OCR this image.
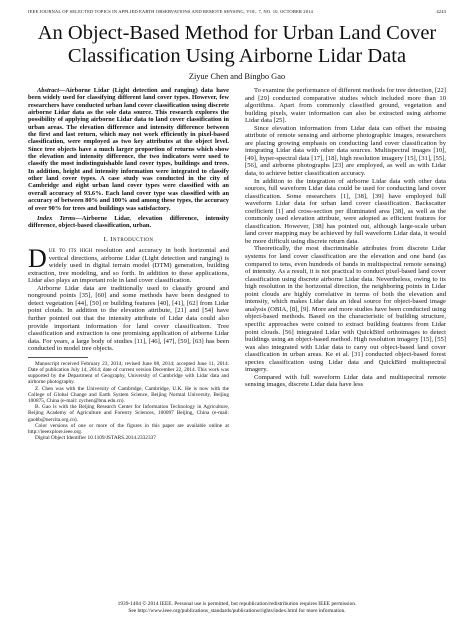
IEEE JOURNAL OF SELECTED TOPICS IN APPLIED EARTH OBSERVATIONS AND REMOTE SENSING, VOL. 7, NO. 10, OCTOBER 2014	4243
An Object-Based Method for Urban Land Cover Classification Using Airborne Lidar Data
Ziyue Chen and Bingbo Gao

Abstract—Airborne Lidar (Light detection and ranging) data have been widely used for classifying different land cover types. However, few researchers have conducted urban land cover classification using discrete airborne Lidar data as the sole data source. This research explores the possibility of applying airborne Lidar data to land cover classification in urban areas. The elevation difference and intensity difference between the first and last return, which may not work efficiently in pixel-based classification, were employed as two key attributes at the object level. Since tree objects have a much larger proportion of returns which show the elevation and intensity difference, the two indicators were used to classify the most indistinguishable land cover types, buildings and trees. In addition, height and intensity information were integrated to classify other land cover types. A case study was conducted in the city of Cambridge and eight urban land cover types were classified with an overall accuracy of 93.6%. Each land cover type was classified with an accuracy of between 80% and 100% and among these types, the accuracy of over 90% for trees and buildings was satisfactory.

Index Terms—Airborne Lidar, elevation difference, intensity difference, object-based classification, urban.

I. Introduction

Due to its high resolution and accuracy in both horizontal and vertical directions, airborne Lidar (Light detection and ranging) is widely used in digital terrain model (DTM) generation, building extraction, tree modeling, and so forth. In addition to these applications, Lidar also plays an important role in land cover classification.

Airborne Lidar data are traditionally used to classify ground and nonground points [35], [60] and some methods have been designed to detect vegetation [44], [50] or building features [40], [41], [62] from Lidar point clouds. In addition to the elevation attribute, [21] and [54] have further pointed out that the intensity attribute of Lidar data could also provide important information for land cover classification. Tree classification and extraction is one promising application of airborne Lidar data. For years, a large body of studies [11], [46], [47], [59], [63] has been conducted to model tree objects.

Manuscript received February 23, 2014; revised June 08, 2014; accepted June 11, 2014. Date of publication July 14, 2014; date of current version December 22, 2014. This work was supported by the Department of Geography, University of Cambridge with Lidar data and airborne photography.

Z. Chen was with the University of Cambridge, Cambridge, U.K. He is now with the College of Global Change and Earth System Science, Beijing Normal University, Beijing 100875, China (e-mail: zychen@bnu.edu.cn).

B. Gao is with the Beijing Research Center for Information Technology in Agriculture, Beijing Academy of Agriculture and Forestry Sciences, 100097 Beijing, China (e-mail: gaobb@nercita.org.cn).

Color versions of one or more of the figures in this paper are available online at http://ieeexplore.ieee.org.

Digital Object Identifier 10.1109/JSTARS.2014.2332337

To examine the performance of different methods for tree detection, [22] and [29] conducted comparative studies which included more than 10 algorithms. Apart from commonly classified ground, vegetation and building pixels, water information can also be extracted using airborne Lidar data [25].

Since elevation information from Lidar data can offset the missing attribute of remote sensing and airborne photographic images, researchers are placing growing emphasis on conducting land cover classification by integrating Lidar data with other data sources. Multispectral images [10], [49], hyper-spectral data [17], [18], high resolution imagery [15], [31], [55], [56], and airborne photographs [23] are employed, as well as with Lidar data, to achieve better classification accuracy.

In addition to the integration of airborne Lidar data with other data sources, full waveform Lidar data could be used for conducting land cover classification. Some researchers [1], [38], [39] have employed full waveform Lidar data for urban land cover classification. Backscatter coefficient [1] and cross-section per illuminated area [38], as well as the commonly used elevation attribute, were adopted as efficient features for classification. However, [38] has pointed out, although large-scale urban land cover mapping may be achieved by full waveform Lidar data, it would be more difficult using discrete return data.

Theoretically, the most discriminable attributes from discrete Lidar systems for land cover classification are the elevation and one band (as compared to tens, even hundreds of bands in multispectral remote sensing) of intensity. As a result, it is not practical to conduct pixel-based land cover classification using discrete airborne Lidar data. Nevertheless, owing to its high resolution in the horizontal direction, the neighboring points in Lidar point clouds are highly correlative in terms of both the elevation and intensity, which makes Lidar data an ideal source for object-based image analysis (OBIA, [8], [9]. More and more studies have been conducted using object-based methods. Based on the characteristic of building structure, specific approaches were coined to extract building features from Lidar point clouds. [56] integrated Lidar with QuickBird orthoimages to detect buildings using an object-based method. High resolution imagery [15], [55] was also integrated with Lidar data to carry out object-based land cover classification in urban areas. Ke et al. [31] conducted object-based forest species classification using Lidar data and QuickBird multispectral imagery.

Compared with full waveform Lidar data and multispectral remote sensing images, discrete Lidar data have less

1939-1404 © 2014 IEEE. Personal use is permitted, but republication/redistribution requires IEEE permission.
See http://www.ieee.org/publications_standards/publications/rights/index.html for more information.
